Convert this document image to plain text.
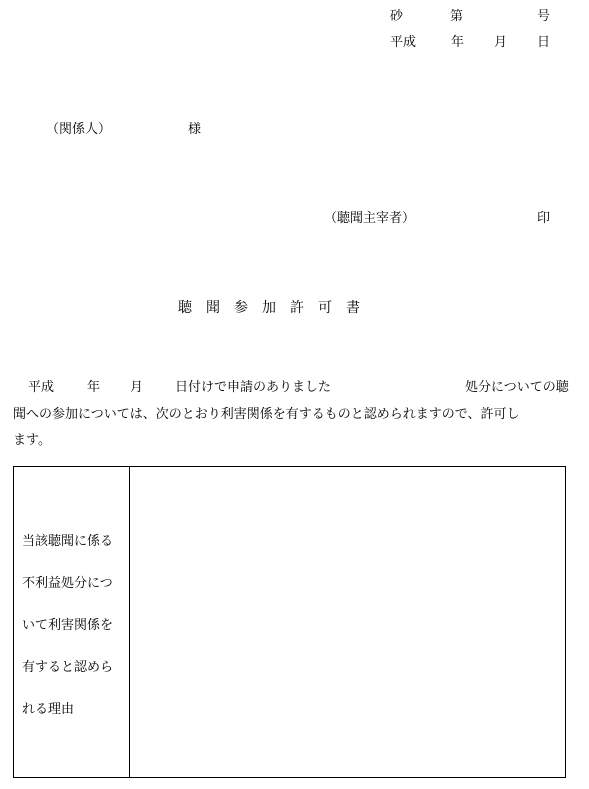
砂	第	号
平成	年 月 日
（関係人）	様
（聴聞主宰者）	印
聴　聞　参　加　許　可　書
平成	年 月 日付けで申請のありました	処分についての聴
聞への参加については、次のとおり利害関係を有するものと認められますので、許可し
ます。
当該聴聞に係る
不利益処分につ
いて利害関係を
有すると認めら
れる理由
